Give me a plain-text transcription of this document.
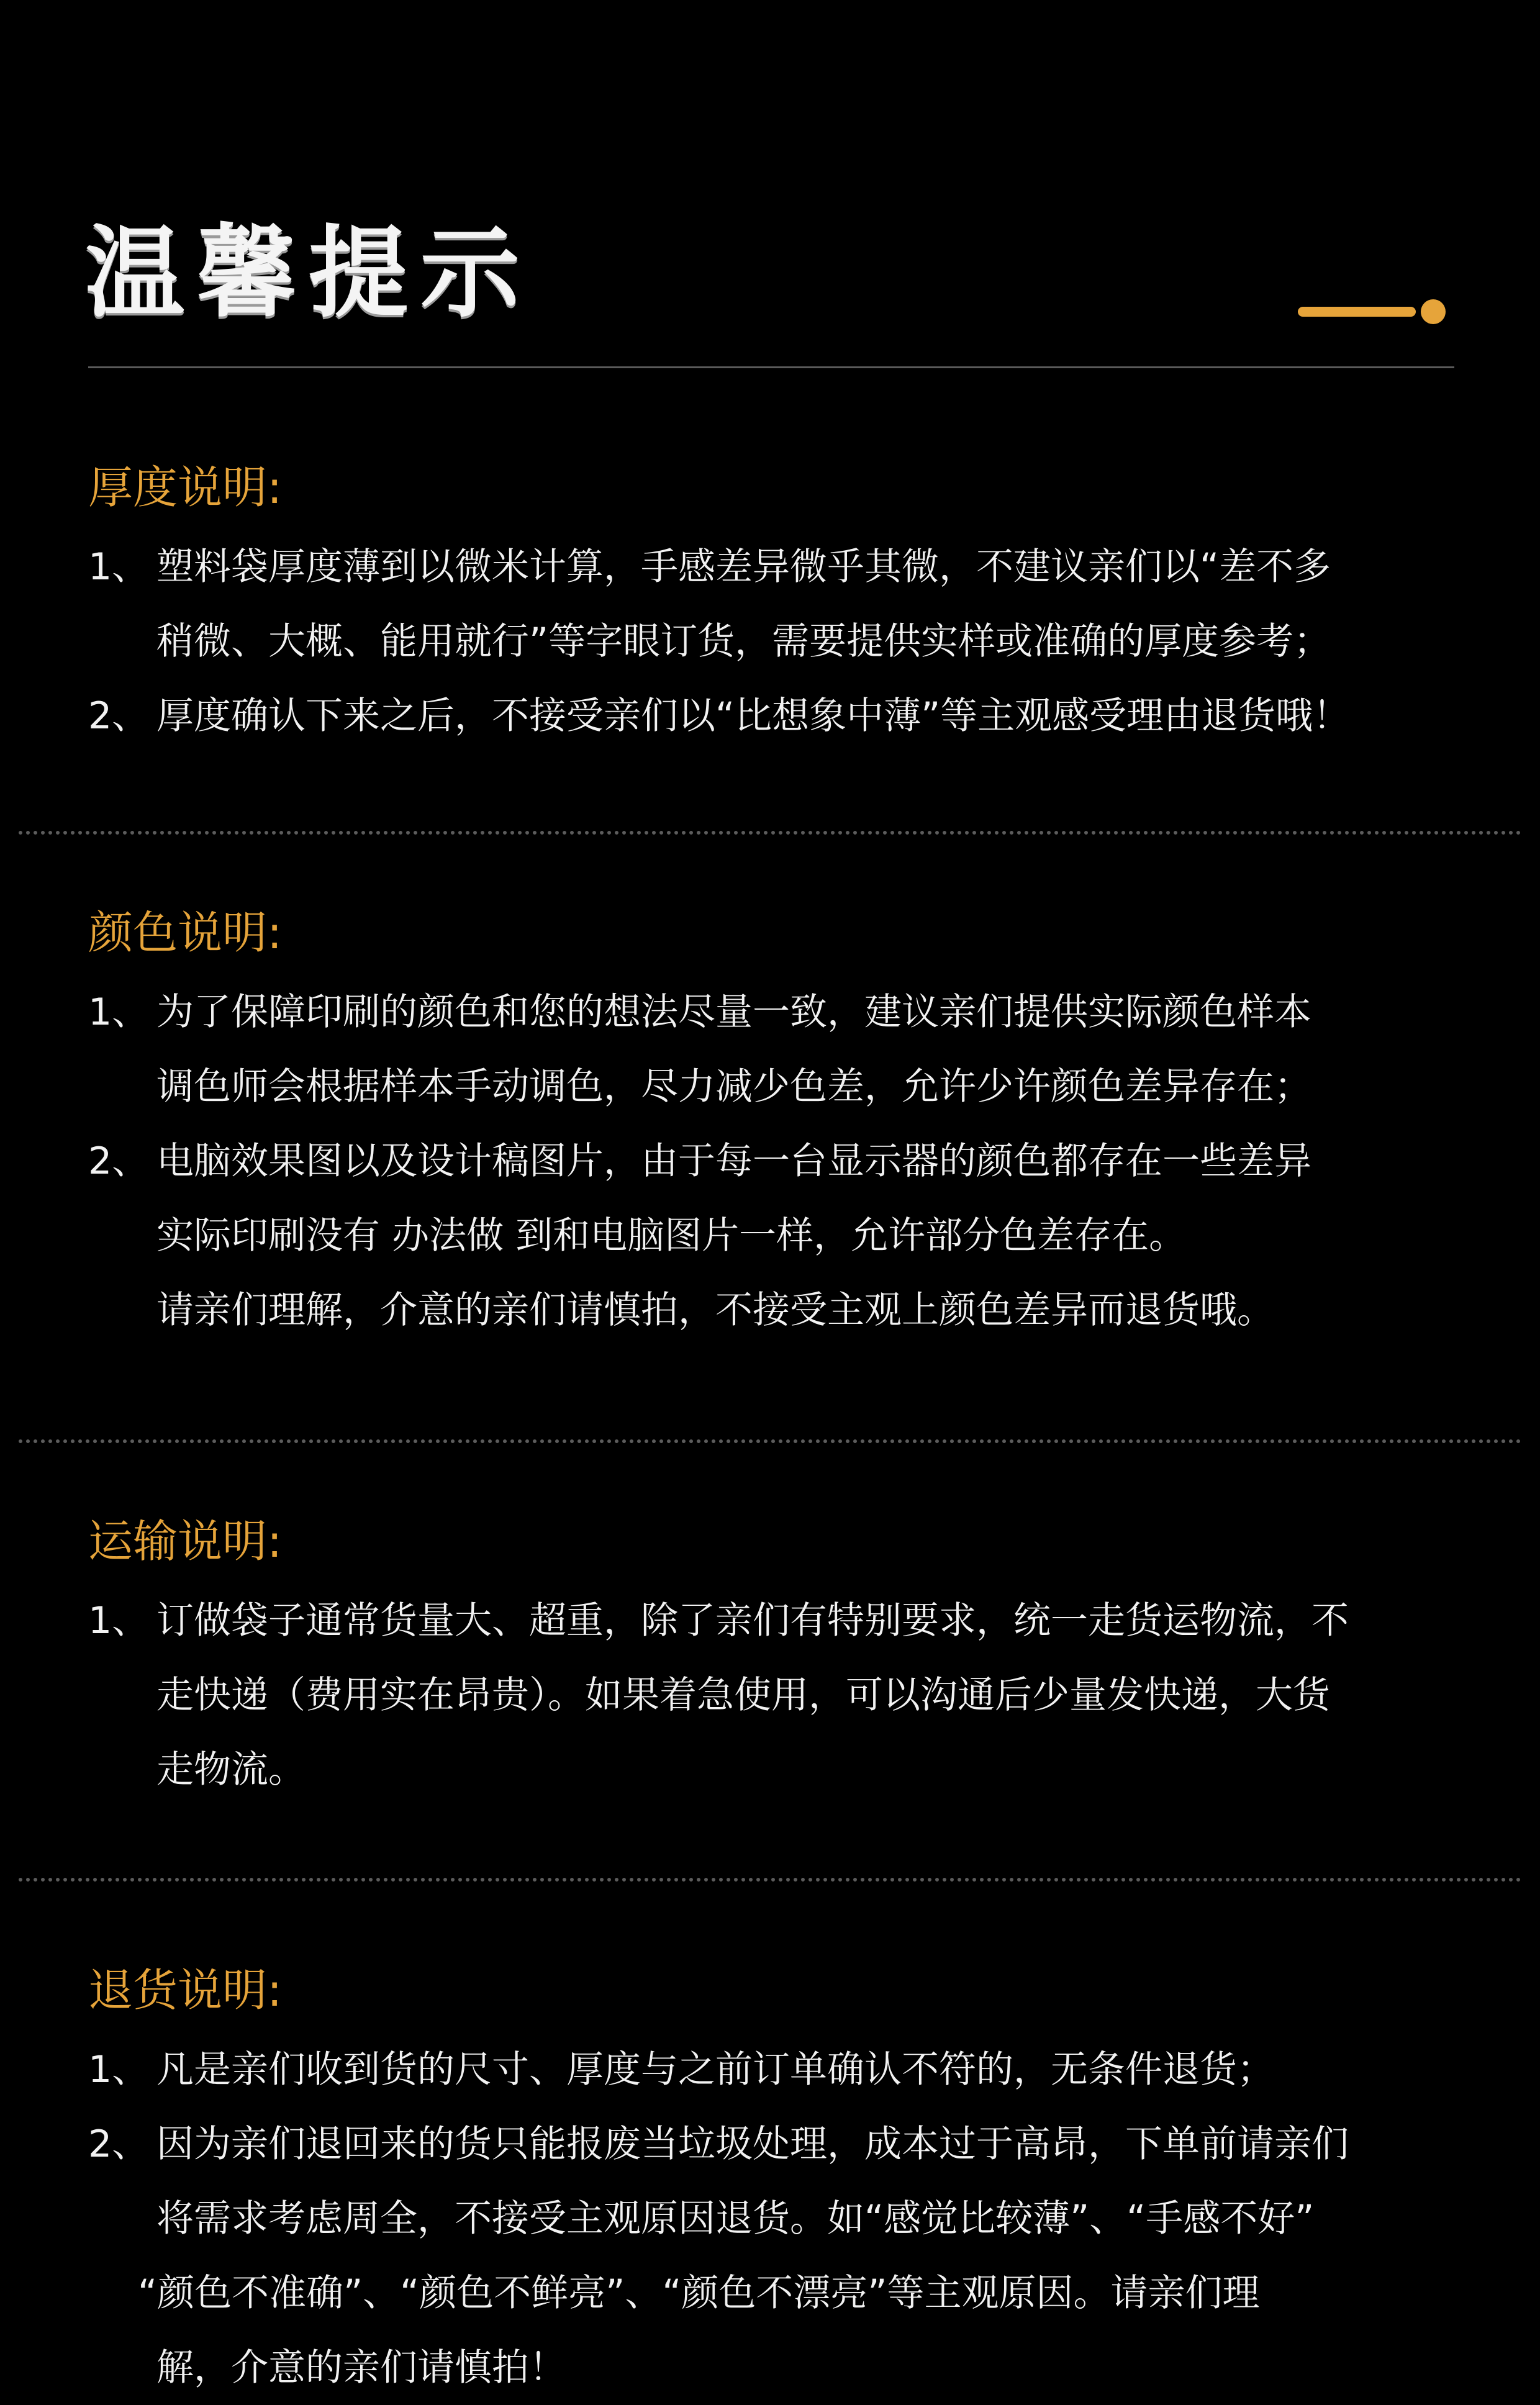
温馨提示
厚度说明:
1、 塑料袋厚度薄到以微米计算，手感差异微乎其微，不建议亲们以“差不多
稍微、大概、能用就行”等字眼订货，需要提供实样或准确的厚度参考；
2、 厚度确认下来之后，不接受亲们以“比想象中薄”等主观感受理由退货哦！
颜色说明:
1、 为了保障印刷的颜色和您的想法尽量一致，建议亲们提供实际颜色样本
调色师会根据样本手动调色，尽力减少色差，允许少许颜色差异存在；
2、 电脑效果图以及设计稿图片，由于每一台显示器的颜色都存在一些差异
实际印刷没有 办法做 到和电脑图片一样，允许部分色差存在。
请亲们理解，介意的亲们请慎拍，不接受主观上颜色差异而退货哦。
运输说明:
1、 订做袋子通常货量大、超重，除了亲们有特别要求，统一走货运物流，不
走快递（费用实在昂贵）。如果着急使用，可以沟通后少量发快递，大货
走物流。
退货说明:
1、 凡是亲们收到货的尺寸、厚度与之前订单确认不符的，无条件退货；
2、 因为亲们退回来的货只能报废当垃圾处理，成本过于高昂，下单前请亲们
将需求考虑周全，不接受主观原因退货。如“感觉比较薄”、“手感不好”
“颜色不准确”、“颜色不鲜亮”、“颜色不漂亮”等主观原因。请亲们理
解，介意的亲们请慎拍！
